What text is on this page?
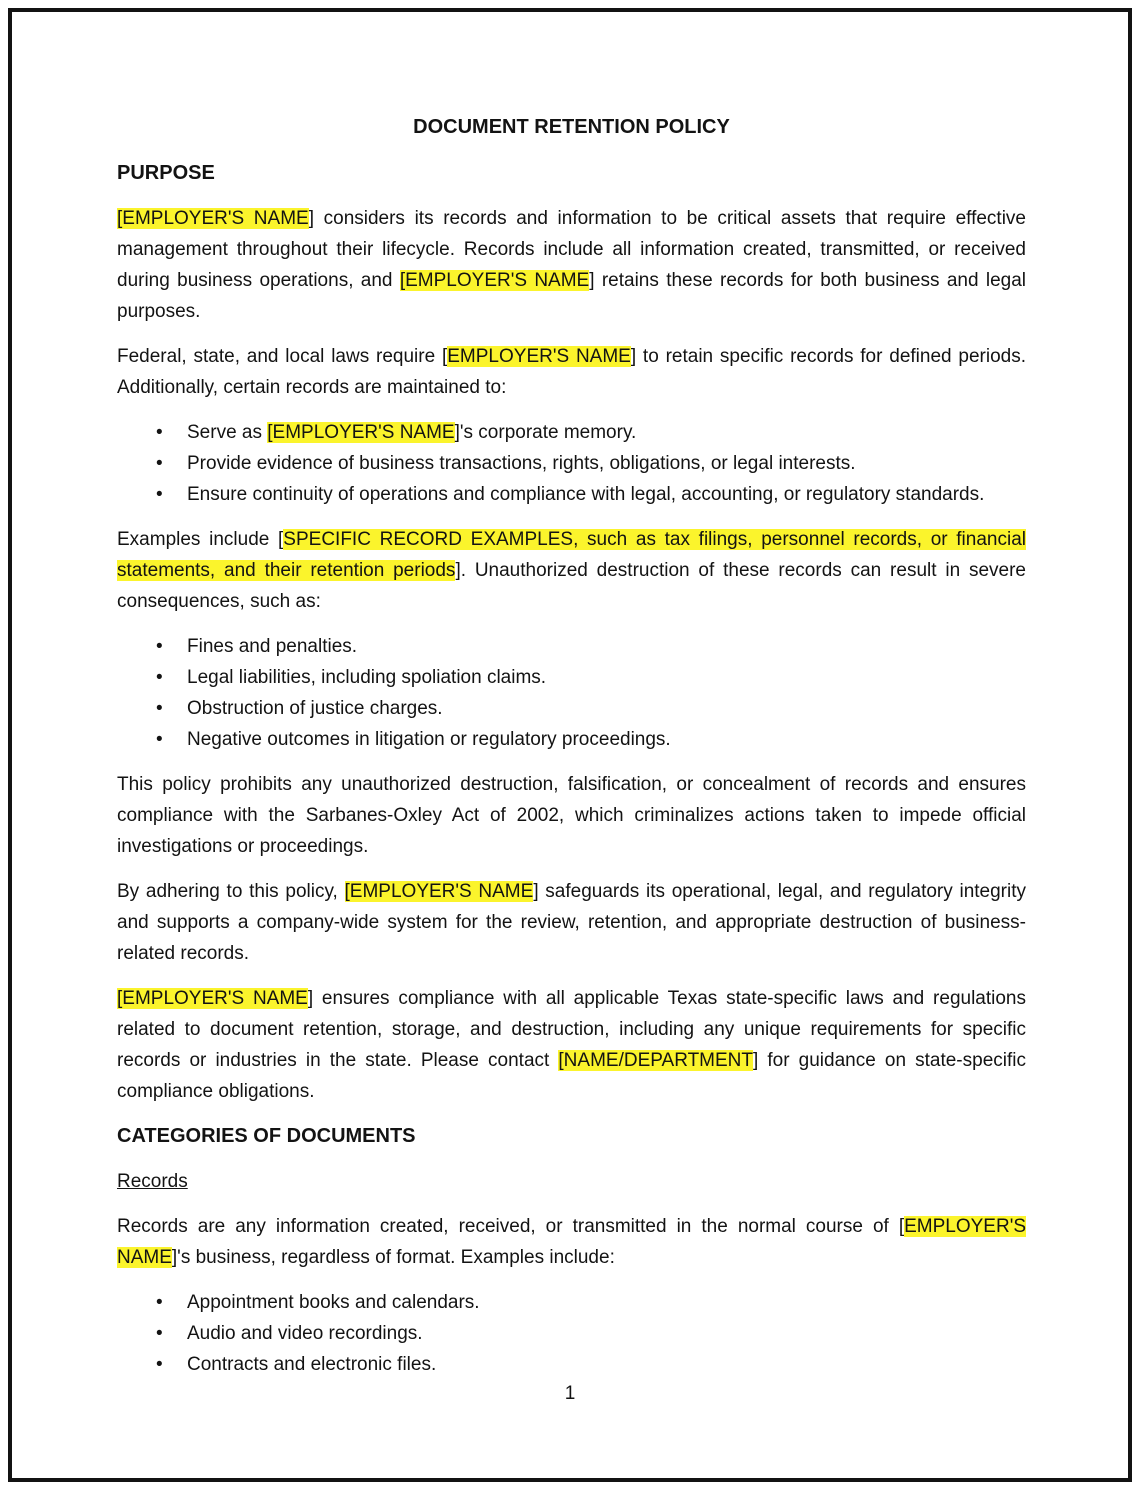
DOCUMENT RETENTION POLICY
PURPOSE

[EMPLOYER'S NAME] considers its records and information to be critical assets that require effective management throughout their lifecycle. Records include all information created, transmitted, or received during business operations, and [EMPLOYER'S NAME] retains these records for both business and legal purposes.

Federal, state, and local laws require [EMPLOYER'S NAME] to retain specific records for defined periods. Additionally, certain records are maintained to:

• Serve as [EMPLOYER'S NAME]'s corporate memory.
• Provide evidence of business transactions, rights, obligations, or legal interests.
• Ensure continuity of operations and compliance with legal, accounting, or regulatory standards.

Examples include [SPECIFIC RECORD EXAMPLES, such as tax filings, personnel records, or financial statements, and their retention periods]. Unauthorized destruction of these records can result in severe consequences, such as:

• Fines and penalties.
• Legal liabilities, including spoliation claims.
• Obstruction of justice charges.
• Negative outcomes in litigation or regulatory proceedings.

This policy prohibits any unauthorized destruction, falsification, or concealment of records and ensures compliance with the Sarbanes-Oxley Act of 2002, which criminalizes actions taken to impede official investigations or proceedings.

By adhering to this policy, [EMPLOYER'S NAME] safeguards its operational, legal, and regulatory integrity and supports a company-wide system for the review, retention, and appropriate destruction of business-related records.

[EMPLOYER'S NAME] ensures compliance with all applicable Texas state-specific laws and regulations related to document retention, storage, and destruction, including any unique requirements for specific records or industries in the state. Please contact [NAME/DEPARTMENT] for guidance on state-specific compliance obligations.

CATEGORIES OF DOCUMENTS
Records

Records are any information created, received, or transmitted in the normal course of [EMPLOYER'S NAME]'s business, regardless of format. Examples include:

• Appointment books and calendars.
• Audio and video recordings.
• Contracts and electronic files.
1
